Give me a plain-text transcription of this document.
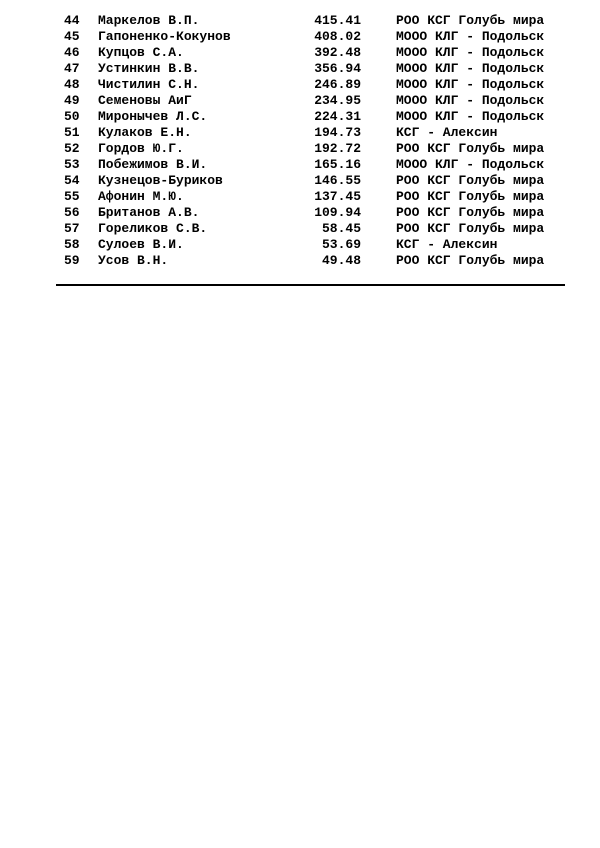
44 Маркелов В.П.	415.41	РОО КСГ Голубь мира
45 Гапоненко-Кокунов	408.02	МООО КЛГ - Подольск
46 Купцов С.А.	392.48	МООО КЛГ - Подольск
47 Устинкин В.В.	356.94	МООО КЛГ - Подольск
48 Чистилин С.Н.	246.89	МООО КЛГ - Подольск
49 Семеновы АиГ	234.95	МООО КЛГ - Подольск
50 Миронычев Л.С.	224.31	МООО КЛГ - Подольск
51 Кулаков Е.Н.	194.73	КСГ - Алексин
52 Гордов Ю.Г.	192.72	РОО КСГ Голубь мира
53 Побежимов В.И.	165.16	МООО КЛГ - Подольск
54 Кузнецов-Буриков	146.55	РОО КСГ Голубь мира
55 Афонин М.Ю.	137.45	РОО КСГ Голубь мира
56 Британов А.В.	109.94	РОО КСГ Голубь мира
57 Гореликов С.В.	58.45	РОО КСГ Голубь мира
58 Сулоев В.И.	53.69	КСГ - Алексин
59 Усов В.Н.	49.48	РОО КСГ Голубь мира
